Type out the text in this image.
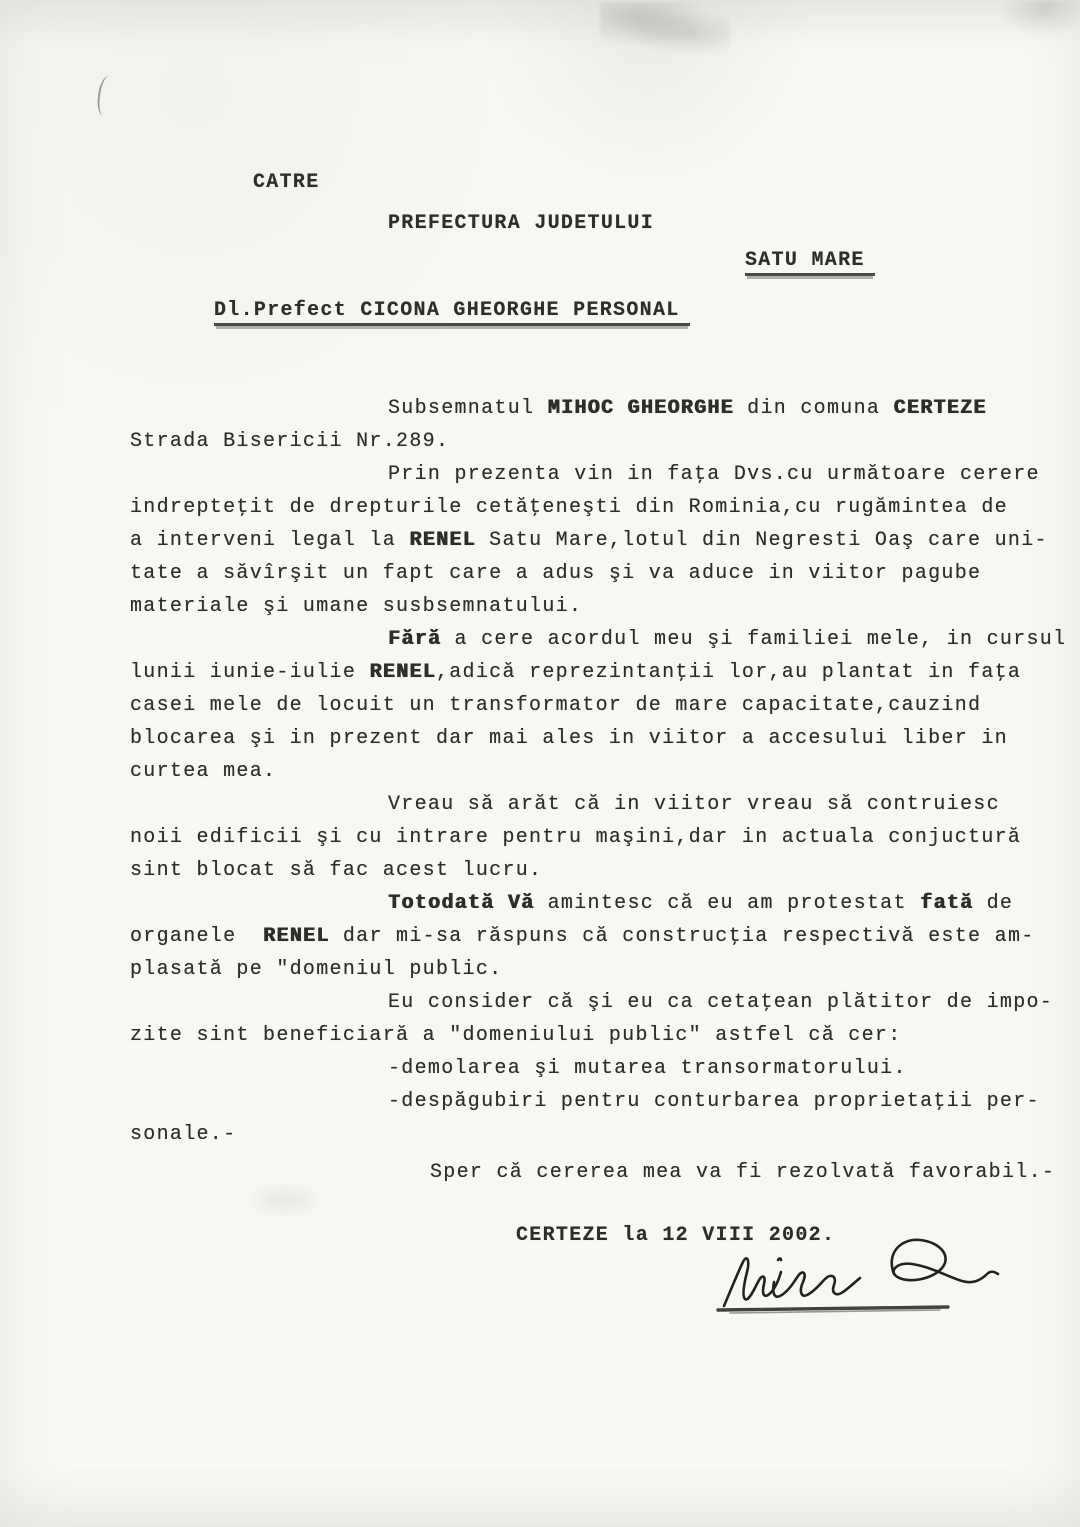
CATRE
PREFECTURA JUDETULUI
SATU MARE
Dl.Prefect CICONA GHEORGHE PERSONAL
Subsemnatul MIHOC GHEORGHE din comuna CERTEZE
Strada Bisericii Nr.289.
Prin prezenta vin in faţa Dvs.cu următoare cerere
indrepteţit de drepturile cetăţeneşti din Rominia,cu rugămintea de
a interveni legal la RENEL Satu Mare,lotul din Negresti Oaş care uni-
tate a săvîrşit un fapt care a adus şi va aduce in viitor pagube
materiale şi umane susbsemnatului.
Fără a cere acordul meu şi familiei mele, in cursul
lunii iunie-iulie RENEL,adică reprezintanţii lor,au plantat in faţa
casei mele de locuit un transformator de mare capacitate,cauzind
blocarea şi in prezent dar mai ales in viitor a accesului liber in
curtea mea.
Vreau să arăt că in viitor vreau să contruiesc
noii edificii şi cu intrare pentru maşini,dar in actuala conjuctură
sint blocat să fac acest lucru.
Totodată Vă amintesc că eu am protestat fată de
organele  RENEL dar mi-sa răspuns că construcţia respectivă este am-
plasată pe "domeniul public.
Eu consider că şi eu ca cetaţean plătitor de impo-
zite sint beneficiară a "domeniului public" astfel că cer:
-demolarea şi mutarea transormatorului.
-despăgubiri pentru conturbarea proprietaţii per-
sonale.-
Sper că cererea mea va fi rezolvată favorabil.-
CERTEZE la 12 VIII 2002.
